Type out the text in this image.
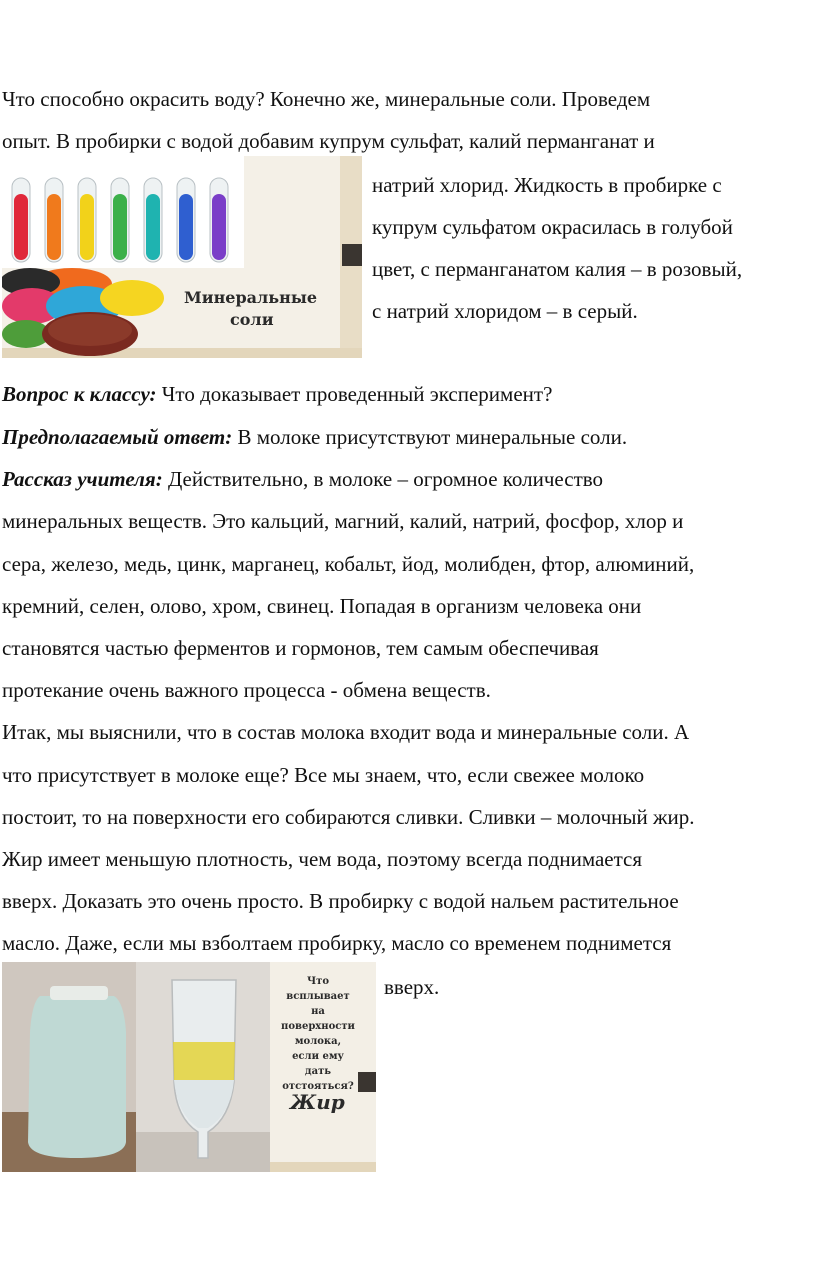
Что способно окрасить воду? Конечно же, минеральные соли. Проведем
опыт. В пробирки с водой добавим купрум сульфат, калий перманганат и
натрий хлорид. Жидкость в пробирке с
купрум сульфатом окрасилась в голубой
цвет, с перманганатом калия – в розовый,
с натрий хлоридом – в серый.
Минеральные
соли
Вопрос к классу: Что доказывает проведенный эксперимент?
Предполагаемый ответ: В молоке присутствуют минеральные соли.
Рассказ учителя: Действительно, в молоке – огромное количество
минеральных веществ. Это кальций, магний, калий, натрий, фосфор, хлор и
сера, железо, медь, цинк, марганец, кобальт, йод, молибден, фтор, алюминий,
кремний, селен, олово, хром, свинец. Попадая в организм человека они
становятся частью ферментов и гормонов, тем самым обеспечивая
протекание очень важного процесса - обмена веществ.
Итак, мы выяснили, что в состав молока входит вода и минеральные соли. А
что присутствует в молоке еще? Все мы знаем, что, если свежее молоко
постоит, то на поверхности его собираются сливки. Сливки – молочный жир.
Жир имеет меньшую плотность, чем вода, поэтому всегда поднимается
вверх. Доказать это очень просто. В пробирку с водой нальем растительное
масло. Даже, если мы взболтаем пробирку, масло со временем поднимется
вверх.
Что всплывает
на поверхности
молока,
если ему
дать отстояться?
Жир
